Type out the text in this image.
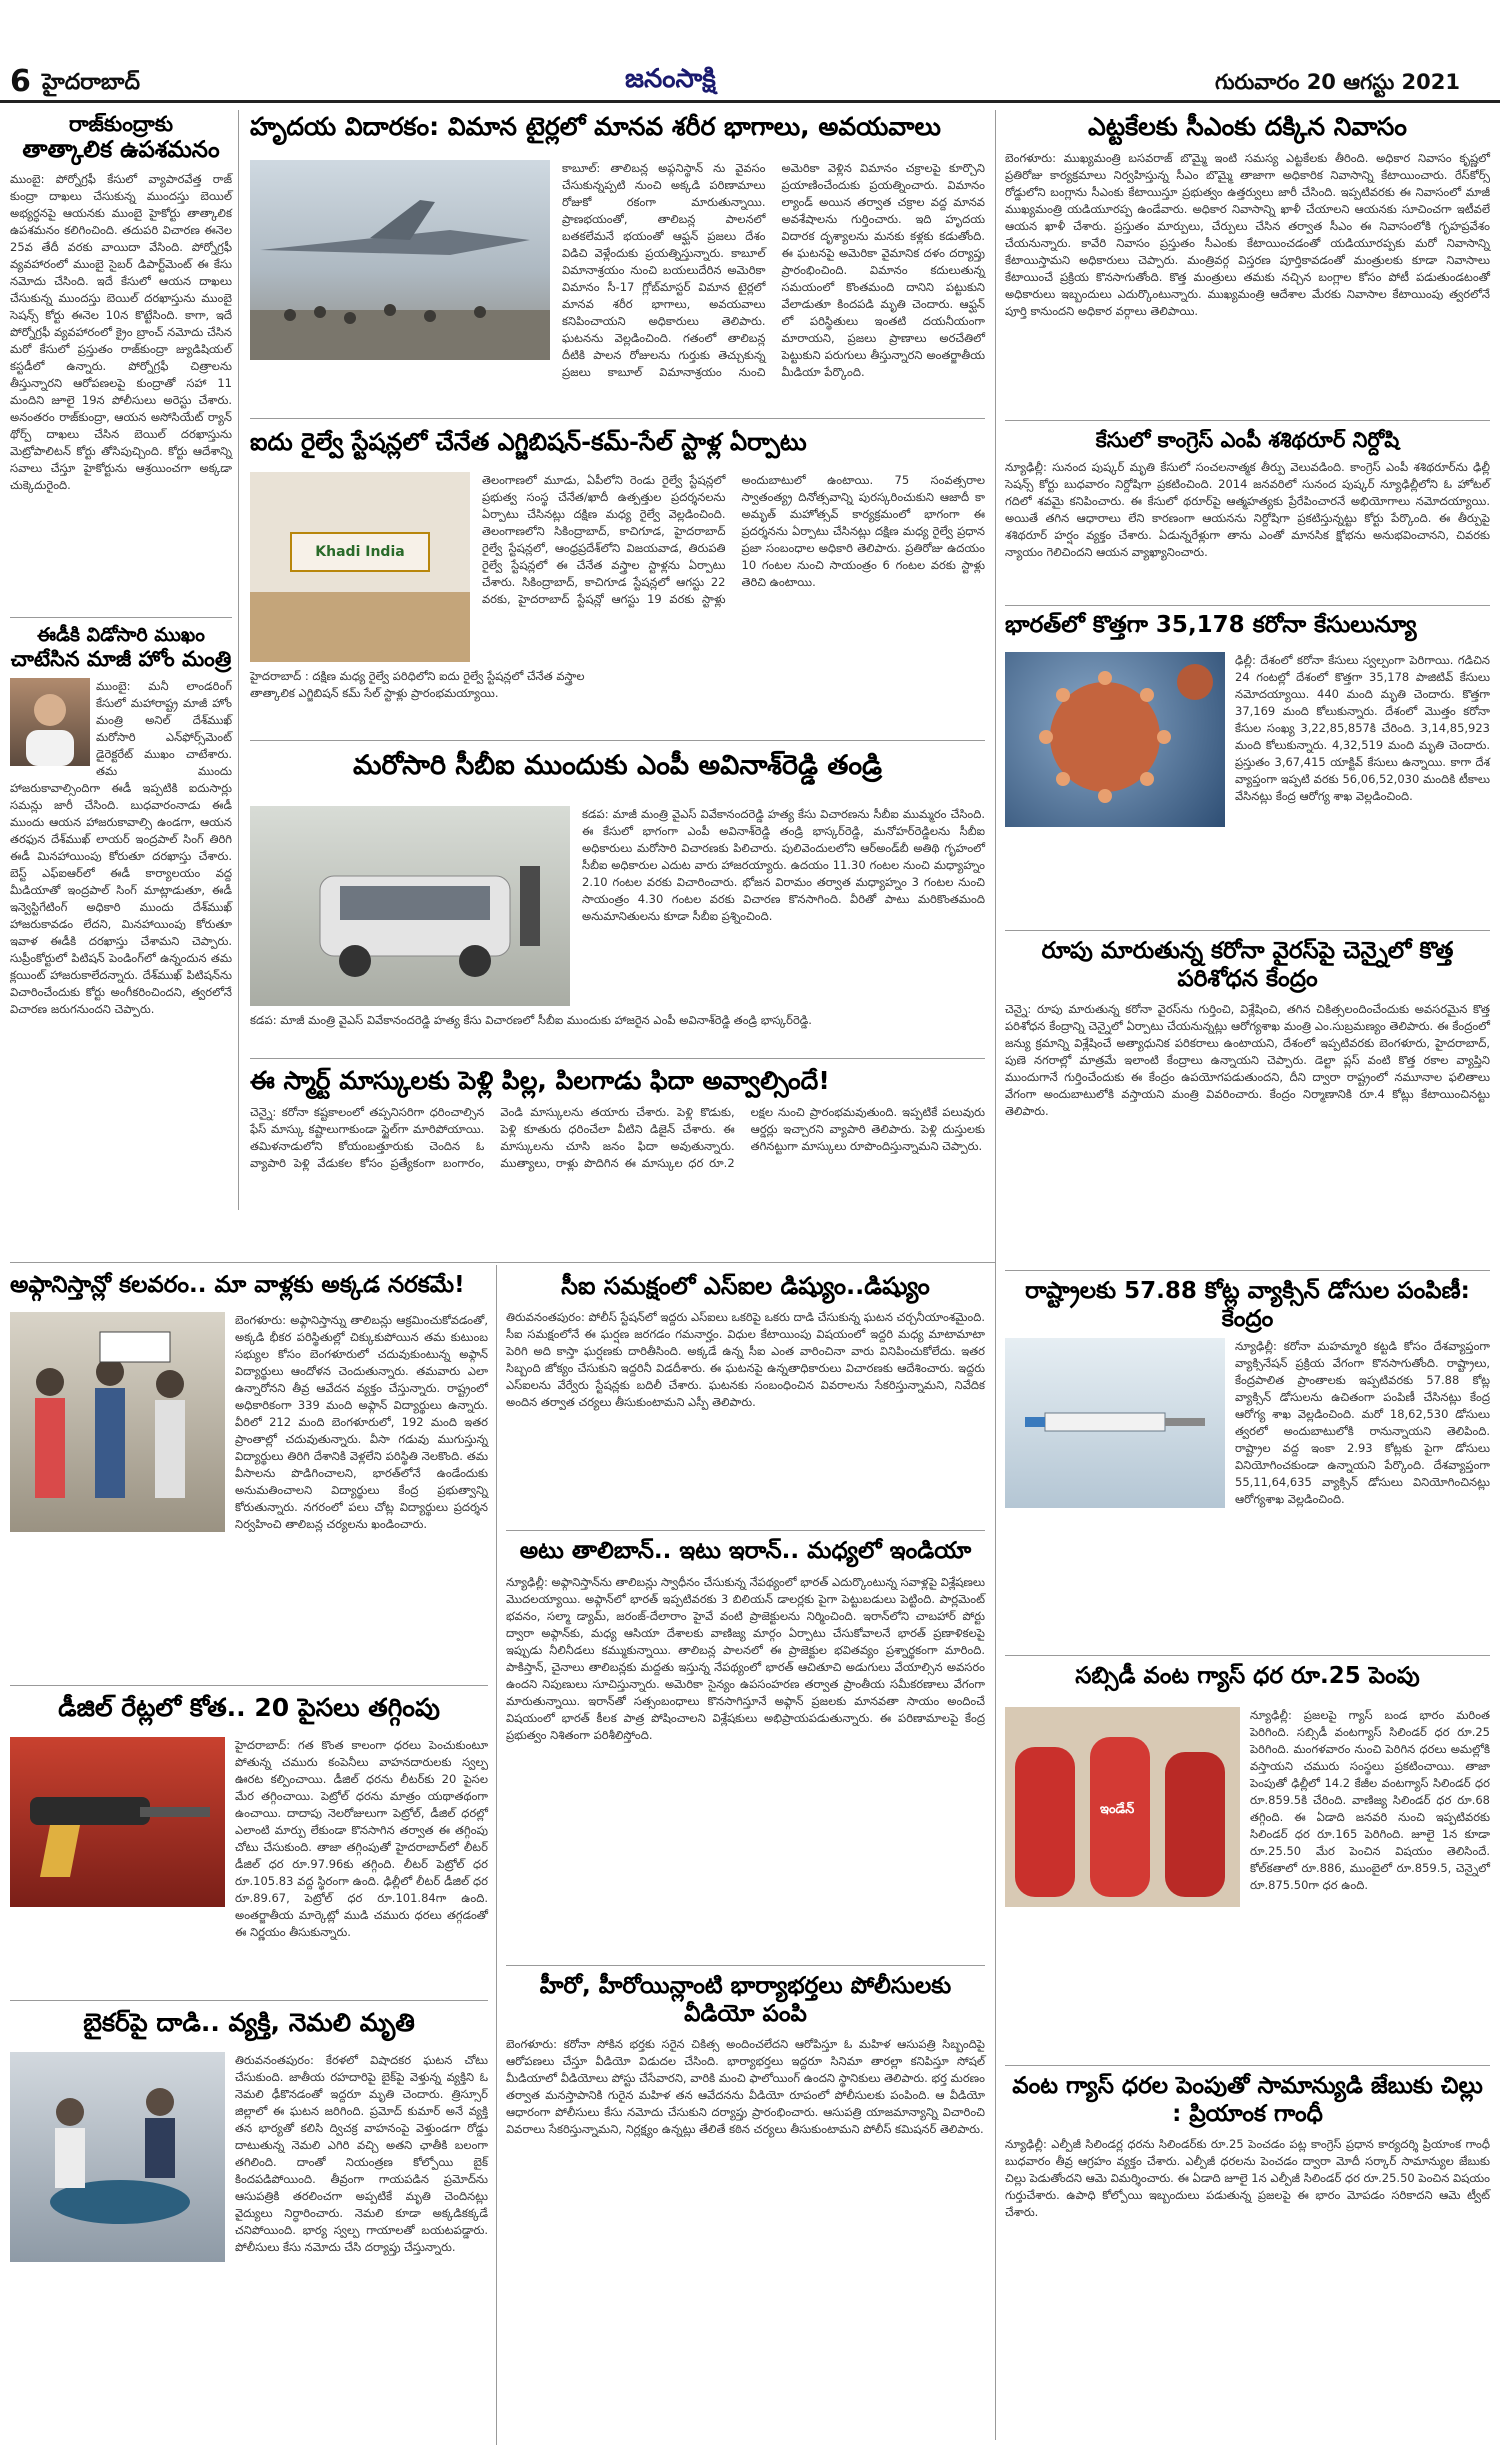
6 హైదరాబాద్	జనంసాక్షి	గురువారం 20 ఆగస్టు 2021
రాజ్‌కుంద్రాకు
తాత్కాలిక ఉపశమనం
ముంబై: పోర్నోగ్రఫీ కేసులో వ్యాపారవేత్త రాజ్ కుంద్రా దాఖలు చేసుకున్న ముందస్తు బెయిల్ అభ్యర్ధనపై ఆయనకు ముంబై హైకోర్టు తాత్కాలిక ఉపశమనం కలిగించింది. తదుపరి విచారణ ఈనెల 25వ తేదీ వరకు వాయిదా వేసింది. పోర్నోగ్రఫీ వ్యవహారంలో ముంబై సైబర్ డిపార్ట్‌మెంట్ ఈ కేసు నమోదు చేసింది. ఇదే కేసులో ఆయన దాఖలు చేసుకున్న ముందస్తు బెయిల్ దరఖాస్తును ముంబై సెషన్స్ కోర్టు ఈనెల 10న కొట్టేసింది. కాగా, ఇదే పోర్నోగ్రఫీ వ్యవహారంలో క్రైం బ్రాంచ్ నమోదు చేసిన మరో కేసులో ప్రస్తుతం రాజ్‌కుంద్రా జ్యుడిషియల్ కస్టడీలో ఉన్నారు. పోర్నోగ్రఫీ చిత్రాలను తీస్తున్నారని ఆరోపణలపై కుంద్రాతో సహా 11 మందిని జూలై 19న పోలీసులు అరెస్టు చేశారు. అనంతరం రాజ్‌కుంద్రా, ఆయన అసోసియేట్ ర్యాన్ థోర్ప్ దాఖలు చేసిన బెయిల్ దరఖాస్తును మెట్రోపాలిటన్ కోర్టు తోసిపుచ్చింది. కోర్టు ఆదేశాన్ని సవాలు చేస్తూ హైకోర్టును ఆశ్రయించగా అక్కడా చుక్కెదురైంది.
ఈడీకి విడోసారి ముఖం
చాటేసిన మాజీ హోం మంత్రి
ముంబై: మనీ లాండరింగ్ కేసులో మహారాష్ట్ర మాజీ హోం మంత్రి అనిల్ దేశ్‌ముఖ్ మరోసారి ఎన్‌ఫోర్స్‌మెంట్ డైరెక్టరేట్ ముఖం చాటేశారు. తమ ముందు హాజరుకావాల్సిందిగా ఈడీ ఇప్పటికి ఐదుసార్లు సమన్లు జారీ చేసింది. బుధవారంనాడు ఈడీ ముందు ఆయన హాజరుకావాల్సి ఉండగా, ఆయన తరఫున దేశ్‌ముఖ్ లాయర్ ఇంద్రపాల్ సింగ్ తిరిగి ఈడీ మినహాయింపు కోరుతూ దరఖాస్తు చేశారు. బెస్ట్ ఎఫ్ఐఆర్‌లో ఈడీ కార్యాలయం వద్ద మీడియాతో ఇంద్రపాల్ సింగ్ మాట్లాడుతూ, ఈడీ ఇన్వెస్టిగేటింగ్ అధికారి ముందు దేశ్‌ముఖ్ హాజరుకావడం లేదని, మినహాయింపు కోరుతూ ఇవాళ ఈడీకి దరఖాస్తు చేశామని చెప్పారు. సుప్రీంకోర్టులో పిటిషన్ పెండింగ్‌లో ఉన్నందున తమ క్లయింట్ హాజరుకాలేదన్నారు. దేశ్‌ముఖ్ పిటిషన్‌ను విచారించేందుకు కోర్టు అంగీకరించిందని, త్వరలోనే విచారణ జరుగనుందని చెప్పారు.
హృదయ విదారకం: విమాన టైర్లలో మానవ శరీర భాగాలు, అవయవాలు
కాబూల్: తాలిబన్ల అఫ్గనిస్థాన్ ను వైవసం చేసుకున్నప్పటి నుంచి అక్కడి పరిణామాలు రోజుకో రకంగా మారుతున్నాయి. ప్రాణభయంతో, తాలిబన్ల పాలనలో బతకలేమనే భయంతో ఆఫ్ఘన్ ప్రజలు దేశం విడిచి వెళ్లేందుకు ప్రయత్నిస్తున్నారు. కాబూల్ విమానాశ్రయం నుంచి బయలుదేరిన అమెరికా విమానం సీ-17 గ్లోబ్‌మాస్టర్ విమాన టైర్లలో మానవ శరీర భాగాలు, అవయవాలు కనిపించాయని అధికారులు తెలిపారు. ఘటనను వెల్లడించింది. గతంలో తాలిబన్ల దీటికి పాలన రోజులను గుర్తుకు తెచ్చుకున్న ప్రజలు కాబూల్ విమానాశ్రయం నుంచి అమెరికా వెళ్లిన విమానం చక్రాలపై కూర్చొని ప్రయాణించేందుకు ప్రయత్నించారు. విమానం ల్యాండ్ అయిన తర్వాత చక్రాల వద్ద మానవ అవశేషాలను గుర్తించారు. ఇది హృదయ విదారక దృశ్యాలను మనకు కళ్లకు కడుతోంది. ఈ ఘటనపై అమెరికా వైమానిక దళం దర్యాప్తు ప్రారంభించింది. విమానం కదులుతున్న సమయంలో కొంతమంది దానిని పట్టుకుని వేలాడుతూ కిందపడి మృతి చెందారు. ఆఫ్ఘన్ లో పరిస్థితులు ఇంతటి దయనీయంగా మారాయని, ప్రజలు ప్రాణాలు అరచేతిలో పెట్టుకుని పరుగులు తీస్తున్నారని అంతర్జాతీయ మీడియా పేర్కొంది.
ఐదు రైల్వే స్టేషన్లలో చేనేత ఎగ్జిబిషన్-కమ్-సేల్ స్టాళ్ల ఏర్పాటు
Khadi India
హైదరాబాద్ : దక్షిణ మధ్య రైల్వే పరిధిలోని ఐదు రైల్వే స్టేషన్లలో చేనేత వస్త్రాల తాత్కాలిక ఎగ్జిబిషన్ కమ్ సేల్ స్టాళ్లు ప్రారంభమయ్యాయి.
తెలంగాణలో మూడు, ఏపీలోని రెండు రైల్వే స్టేషన్లలో ప్రభుత్వ సంస్థ చేనేత/ఖాదీ ఉత్పత్తుల ప్రదర్శనలను ఏర్పాటు చేసినట్లు దక్షిణ మధ్య రైల్వే వెల్లడించింది. తెలంగాణలోని సికింద్రాబాద్, కాచిగూడ, హైదరాబాద్ రైల్వే స్టేషన్లలో, ఆంధ్రప్రదేశ్‌లోని విజయవాడ, తిరుపతి రైల్వే స్టేషన్లలో ఈ చేనేత వస్త్రాల స్టాళ్లను ఏర్పాటు చేశారు. సికింద్రాబాద్, కాచిగూడ స్టేషన్లలో ఆగస్టు 22 వరకు, హైదరాబాద్ స్టేషన్లో ఆగస్టు 19 వరకు స్టాళ్లు అందుబాటులో ఉంటాయి. 75 సంవత్సరాల స్వాతంత్య్ర దినోత్సవాన్ని పురస్కరించుకుని ఆజాదీ కా అమృత్ మహోత్సవ్ కార్యక్రమంలో భాగంగా ఈ ప్రదర్శనను ఏర్పాటు చేసినట్లు దక్షిణ మధ్య రైల్వే ప్రధాన ప్రజా సంబంధాల అధికారి తెలిపారు. ప్రతిరోజు ఉదయం 10 గంటల నుంచి సాయంత్రం 6 గంటల వరకు స్టాళ్లు తెరిచి ఉంటాయి.
మరోసారి సీబీఐ ముందుకు ఎంపీ అవినాశ్‌రెడ్డి తండ్రి
కడప: మాజీ మంత్రి వైఎస్ వివేకానందరెడ్డి హత్య కేసు విచారణలో సీబీఐ ముందుకు హాజరైన ఎంపీ అవినాశ్‌రెడ్డి తండ్రి భాస్కర్‌రెడ్డి.
కడప: మాజీ మంత్రి వైఎస్ వివేకానందరెడ్డి హత్య కేసు విచారణను సీబీఐ ముమ్మరం చేసింది. ఈ కేసులో భాగంగా ఎంపీ అవినాశ్‌రెడ్డి తండ్రి భాస్కర్‌రెడ్డి, మనోహర్‌రెడ్డిలను సీబీఐ అధికారులు మరోసారి విచారణకు పిలిచారు. పులివెందులలోని ఆర్అండ్‌బీ అతిథి గృహంలో సీబీఐ అధికారుల ఎదుట వారు హాజరయ్యారు. ఉదయం 11.30 గంటల నుంచి మధ్యాహ్నం 2.10 గంటల వరకు విచారించారు. భోజన విరామం తర్వాత మధ్యాహ్నం 3 గంటల నుంచి సాయంత్రం 4.30 గంటల వరకు విచారణ కొనసాగింది. వీరితో పాటు మరికొంతమంది అనుమానితులను కూడా సీబీఐ ప్రశ్నించింది.
ఈ స్మార్ట్ మాస్కులకు పెళ్లి పిల్ల, పిలగాడు ఫిదా అవ్వాల్సిందే!
చెన్నై: కరోనా కష్టకాలంలో తప్పనిసరిగా ధరించాల్సిన ఫేస్ మాస్కు కష్టాలుగాకుండా స్టైల్‌గా మారిపోయాయి. తమిళనాడులోని కోయంబత్తూరుకు చెందిన ఓ వ్యాపారి పెళ్లి వేడుకల కోసం ప్రత్యేకంగా బంగారం, వెండి మాస్కులను తయారు చేశారు. పెళ్లి కొడుకు, పెళ్లి కూతురు ధరించేలా వీటిని డిజైన్ చేశారు. ఈ మాస్కులను చూసి జనం ఫిదా అవుతున్నారు. ముత్యాలు, రాళ్లు పొదిగిన ఈ మాస్కుల ధర రూ.2 లక్షల నుంచి ప్రారంభమవుతుంది. ఇప్పటికే పలువురు ఆర్డర్లు ఇచ్చారని వ్యాపారి తెలిపారు. పెళ్లి దుస్తులకు తగినట్టుగా మాస్కులు రూపొందిస్తున్నామని చెప్పారు.
ఎట్టకేలకు సీఎంకు దక్కిన నివాసం
బెంగళూరు: ముఖ్యమంత్రి బసవరాజ్ బొమ్మై ఇంటి సమస్య ఎట్టకేలకు తీరింది. అధికార నివాసం కృష్ణలో ప్రతిరోజు కార్యక్రమాలు నిర్వహిస్తున్న సీఎం బొమ్మై తాజాగా అధికారిక నివాసాన్ని కేటాయించారు. రేస్‌కోర్స్ రోడ్డులోని బంగ్లాను సీఎంకు కేటాయిస్తూ ప్రభుత్వం ఉత్తర్వులు జారీ చేసింది. ఇప్పటివరకు ఈ నివాసంలో మాజీ ముఖ్యమంత్రి యడియూరప్ప ఉండేవారు. అధికార నివాసాన్ని ఖాళీ చేయాలని ఆయనకు సూచించగా ఇటీవలే ఆయన ఖాళీ చేశారు. ప్రస్తుతం మార్పులు, చేర్పులు చేసిన తర్వాత సీఎం ఈ నివాసంలోకి గృహప్రవేశం చేయనున్నారు. కావేరి నివాసం ప్రస్తుతం సీఎంకు కేటాయించడంతో యడియూరప్పకు మరో నివాసాన్ని కేటాయిస్తామని అధికారులు చెప్పారు. మంత్రివర్గ విస్తరణ పూర్తికావడంతో మంత్రులకు కూడా నివాసాలు కేటాయించే ప్రక్రియ కొనసాగుతోంది. కొత్త మంత్రులు తమకు నచ్చిన బంగ్లాల కోసం పోటీ పడుతుండటంతో అధికారులు ఇబ్బందులు ఎదుర్కొంటున్నారు. ముఖ్యమంత్రి ఆదేశాల మేరకు నివాసాల కేటాయింపు త్వరలోనే పూర్తి కానుందని అధికార వర్గాలు తెలిపాయి.
కేసులో కాంగ్రెస్ ఎంపీ శశిథరూర్ నిర్దోషి
న్యూఢిల్లీ: సునంద పుష్కర్ మృతి కేసులో సంచలనాత్మక తీర్పు వెలువడింది. కాంగ్రెస్ ఎంపీ శశిథరూర్‌ను ఢిల్లీ సెషన్స్ కోర్టు బుధవారం నిర్దోషిగా ప్రకటించింది. 2014 జనవరిలో సునంద పుష్కర్ న్యూఢిల్లీలోని ఓ హోటల్ గదిలో శవమై కనిపించారు. ఈ కేసులో థరూర్‌పై ఆత్మహత్యకు ప్రేరేపించారనే అభియోగాలు నమోదయ్యాయి. అయితే తగిన ఆధారాలు లేని కారణంగా ఆయనను నిర్దోషిగా ప్రకటిస్తున్నట్టు కోర్టు పేర్కొంది. ఈ తీర్పుపై శశిథరూర్ హర్షం వ్యక్తం చేశారు. ఏడున్నరేళ్లుగా తాను ఎంతో మానసిక క్షోభను అనుభవించానని, చివరకు న్యాయం గెలిచిందని ఆయన వ్యాఖ్యానించారు.
భారత్‌లో కొత్తగా 35,178 కరోనా కేసులున్యూ
ఢిల్లీ: దేశంలో కరోనా కేసులు స్వల్పంగా పెరిగాయి. గడిచిన 24 గంటల్లో దేశంలో కొత్తగా 35,178 పాజిటివ్ కేసులు నమోదయ్యాయి. 440 మంది మృతి చెందారు. కొత్తగా 37,169 మంది కోలుకున్నారు. దేశంలో మొత్తం కరోనా కేసుల సంఖ్య 3,22,85,857కి చేరింది. 3,14,85,923 మంది కోలుకున్నారు. 4,32,519 మంది మృతి చెందారు. ప్రస్తుతం 3,67,415 యాక్టివ్ కేసులు ఉన్నాయి. కాగా దేశ వ్యాప్తంగా ఇప్పటి వరకు 56,06,52,030 మందికి టీకాలు వేసినట్లు కేంద్ర ఆరోగ్య శాఖ వెల్లడించింది.
రూపు మారుతున్న కరోనా వైరస్‌పై చెన్నైలో కొత్త పరిశోధన కేంద్రం
చెన్నై: రూపు మారుతున్న కరోనా వైరస్‌ను గుర్తించి, విశ్లేషించి, తగిన చికిత్సలందించేందుకు అవసరమైన కొత్త పరిశోధన కేంద్రాన్ని చెన్నైలో ఏర్పాటు చేయనున్నట్లు ఆరోగ్యశాఖ మంత్రి ఎం.సుబ్రమణ్యం తెలిపారు. ఈ కేంద్రంలో జన్యు క్రమాన్ని విశ్లేషించే అత్యాధునిక పరికరాలు ఉంటాయని, దేశంలో ఇప్పటివరకు బెంగళూరు, హైదరాబాద్, పుణె నగరాల్లో మాత్రమే ఇలాంటి కేంద్రాలు ఉన్నాయని చెప్పారు. డెల్టా ప్లస్ వంటి కొత్త రకాల వ్యాప్తిని ముందుగానే గుర్తించేందుకు ఈ కేంద్రం ఉపయోగపడుతుందని, దీని ద్వారా రాష్ట్రంలో నమూనాల ఫలితాలు వేగంగా అందుబాటులోకి వస్తాయని మంత్రి వివరించారు. కేంద్రం నిర్మాణానికి రూ.4 కోట్లు కేటాయించినట్టు తెలిపారు.
అఫ్గానిస్తాన్లో కలవరం.. మా వాళ్లకు అక్కడ నరకమే!
బెంగళూరు: అఫ్గానిస్తాన్ను తాలిబన్లు ఆక్రమించుకోవడంతో, అక్కడి భీకర పరిస్థితుల్లో చిక్కుకుపోయిన తమ కుటుంబ సభ్యుల కోసం బెంగళూరులో చదువుకుంటున్న అఫ్గాన్ విద్యార్థులు ఆందోళన చెందుతున్నారు. తమవారు ఎలా ఉన్నారోనని తీవ్ర ఆవేదన వ్యక్తం చేస్తున్నారు. రాష్ట్రంలో అధికారికంగా 339 మంది అఫ్గాన్ విద్యార్థులు ఉన్నారు. వీరిలో 212 మంది బెంగళూరులో, 192 మంది ఇతర ప్రాంతాల్లో చదువుతున్నారు. వీసా గడువు ముగుస్తున్న విద్యార్థులు తిరిగి దేశానికి వెళ్లలేని పరిస్థితి నెలకొంది. తమ వీసాలను పొడిగించాలని, భారత్‌లోనే ఉండేందుకు అనుమతించాలని విద్యార్థులు కేంద్ర ప్రభుత్వాన్ని కోరుతున్నారు. నగరంలో పలు చోట్ల విద్యార్థులు ప్రదర్శన నిర్వహించి తాలిబన్ల చర్యలను ఖండించారు.
డీజిల్ రేట్లలో కోత.. 20 పైసలు తగ్గింపు
హైదరాబాద్: గత కొంత కాలంగా ధరలు పెంచుకుంటూ పోతున్న చమురు కంపెనీలు వాహనదారులకు స్వల్ప ఊరట కల్పించాయి. డీజిల్ ధరను లీటర్‌కు 20 పైసల మేర తగ్గించాయి. పెట్రోల్ ధరను మాత్రం యథాతథంగా ఉంచాయి. దాదాపు నెలరోజులుగా పెట్రోల్, డీజిల్ ధరల్లో ఎలాంటి మార్పు లేకుండా కొనసాగిన తర్వాత ఈ తగ్గింపు చోటు చేసుకుంది. తాజా తగ్గింపుతో హైదరాబాద్‌లో లీటర్ డీజిల్ ధర రూ.97.96కు తగ్గింది. లీటర్ పెట్రోల్ ధర రూ.105.83 వద్ద స్థిరంగా ఉంది. ఢిల్లీలో లీటర్ డీజిల్ ధర రూ.89.67, పెట్రోల్ ధర రూ.101.84గా ఉంది. అంతర్జాతీయ మార్కెట్లో ముడి చమురు ధరలు తగ్గడంతో ఈ నిర్ణయం తీసుకున్నారు.
బైకర్‌పై దాడి.. వ్యక్తి, నెమలి మృతి
తిరువనంతపురం: కేరళలో విషాదకర ఘటన చోటు చేసుకుంది. జాతీయ రహదారిపై బైక్‌పై వెళ్తున్న వ్యక్తిని ఓ నెమలి ఢీకొనడంతో ఇద్దరూ మృతి చెందారు. త్రిస్సూర్ జిల్లాలో ఈ ఘటన జరిగింది. ప్రమోద్ కుమార్ అనే వ్యక్తి తన భార్యతో కలిసి ద్విచక్ర వాహనంపై వెళ్తుండగా రోడ్డు దాటుతున్న నెమలి ఎగిరి వచ్చి అతని ఛాతీకి బలంగా తగిలింది. దాంతో నియంత్రణ కోల్పోయి బైక్ కిందపడిపోయింది. తీవ్రంగా గాయపడిన ప్రమోద్‌ను ఆసుపత్రికి తరలించగా అప్పటికే మృతి చెందినట్లు వైద్యులు నిర్ధారించారు. నెమలి కూడా అక్కడికక్కడే చనిపోయింది. భార్య స్వల్ప గాయాలతో బయటపడ్డారు. పోలీసులు కేసు నమోదు చేసి దర్యాప్తు చేస్తున్నారు.
సీఐ సమక్షంలో ఎస్ఐల డిష్యుం..డిష్యుం
తిరువనంతపురం: పోలీస్ స్టేషన్‌లో ఇద్దరు ఎస్ఐలు ఒకరిపై ఒకరు దాడి చేసుకున్న ఘటన చర్చనీయాంశమైంది. సీఐ సమక్షంలోనే ఈ ఘర్షణ జరగడం గమనార్హం. విధుల కేటాయింపు విషయంలో ఇద్దరి మధ్య మాటామాటా పెరిగి అది కాస్తా ఘర్షణకు దారితీసింది. అక్కడే ఉన్న సీఐ ఎంత వారించినా వారు వినిపించుకోలేదు. ఇతర సిబ్బంది జోక్యం చేసుకుని ఇద్దరినీ విడదీశారు. ఈ ఘటనపై ఉన్నతాధికారులు విచారణకు ఆదేశించారు. ఇద్దరు ఎస్ఐలను వేర్వేరు స్టేషన్లకు బదిలీ చేశారు. ఘటనకు సంబంధించిన వివరాలను సేకరిస్తున్నామని, నివేదిక అందిన తర్వాత చర్యలు తీసుకుంటామని ఎస్పీ తెలిపారు.
అటు తాలిబాన్.. ఇటు ఇరాన్.. మధ్యలో ఇండియా
న్యూఢిల్లీ: అఫ్గానిస్తాన్‌ను తాలిబన్లు స్వాధీనం చేసుకున్న నేపథ్యంలో భారత్ ఎదుర్కొంటున్న సవాళ్లపై విశ్లేషణలు మొదలయ్యాయి. అఫ్గాన్‌లో భారత్ ఇప్పటివరకు 3 బిలియన్ డాలర్లకు పైగా పెట్టుబడులు పెట్టింది. పార్లమెంట్ భవనం, సల్మా డ్యామ్, జరంజ్-దేలారాం హైవే వంటి ప్రాజెక్టులను నిర్మించింది. ఇరాన్‌లోని చాబహార్ పోర్టు ద్వారా అఫ్గాన్‌కు, మధ్య ఆసియా దేశాలకు వాణిజ్య మార్గం ఏర్పాటు చేసుకోవాలనే భారత్ ప్రణాళికలపై ఇప్పుడు నీలినీడలు కమ్ముకున్నాయి. తాలిబన్ల పాలనలో ఈ ప్రాజెక్టుల భవితవ్యం ప్రశ్నార్థకంగా మారింది. పాకిస్తాన్, చైనాలు తాలిబన్లకు మద్దతు ఇస్తున్న నేపథ్యంలో భారత్ ఆచితూచి అడుగులు వేయాల్సిన అవసరం ఉందని నిపుణులు సూచిస్తున్నారు. అమెరికా సైన్యం ఉపసంహరణ తర్వాత ప్రాంతీయ సమీకరణాలు వేగంగా మారుతున్నాయి. ఇరాన్‌తో సత్సంబంధాలు కొనసాగిస్తూనే అఫ్గాన్ ప్రజలకు మానవతా సాయం అందించే విషయంలో భారత్ కీలక పాత్ర పోషించాలని విశ్లేషకులు అభిప్రాయపడుతున్నారు. ఈ పరిణామాలపై కేంద్ర ప్రభుత్వం నిశితంగా పరిశీలిస్తోంది.
హీరో, హీరోయిన్లాంటి భార్యాభర్తలు పోలీసులకు వీడియో పంపి
బెంగళూరు: కరోనా సోకిన భర్తకు సరైన చికిత్స అందించలేదని ఆరోపిస్తూ ఓ మహిళ ఆసుపత్రి సిబ్బందిపై ఆరోపణలు చేస్తూ వీడియో విడుదల చేసింది. భార్యాభర్తలు ఇద్దరూ సినిమా తారల్లా కనిపిస్తూ సోషల్ మీడియాలో వీడియోలు పోస్టు చేసేవారని, వారికి మంచి ఫాలోయింగ్ ఉందని స్థానికులు తెలిపారు. భర్త మరణం తర్వాత మనస్తాపానికి గురైన మహిళ తన ఆవేదనను వీడియో రూపంలో పోలీసులకు పంపింది. ఆ వీడియో ఆధారంగా పోలీసులు కేసు నమోదు చేసుకుని దర్యాప్తు ప్రారంభించారు. ఆసుపత్రి యాజమాన్యాన్ని విచారించి వివరాలు సేకరిస్తున్నామని, నిర్లక్ష్యం ఉన్నట్లు తేలితే కఠిన చర్యలు తీసుకుంటామని పోలీస్ కమిషనర్ తెలిపారు.
రాష్ట్రాలకు 57.88 కోట్ల వ్యాక్సిన్ డోసుల పంపిణీ: కేంద్రం
న్యూఢిల్లీ: కరోనా మహమ్మారి కట్టడి కోసం దేశవ్యాప్తంగా వ్యాక్సినేషన్ ప్రక్రియ వేగంగా కొనసాగుతోంది. రాష్ట్రాలు, కేంద్రపాలిత ప్రాంతాలకు ఇప్పటివరకు 57.88 కోట్ల వ్యాక్సిన్ డోసులను ఉచితంగా పంపిణీ చేసినట్లు కేంద్ర ఆరోగ్య శాఖ వెల్లడించింది. మరో 18,62,530 డోసులు త్వరలో అందుబాటులోకి రానున్నాయని తెలిపింది. రాష్ట్రాల వద్ద ఇంకా 2.93 కోట్లకు పైగా డోసులు వినియోగించకుండా ఉన్నాయని పేర్కొంది. దేశవ్యాప్తంగా 55,11,64,635 వ్యాక్సిన్ డోసులు వినియోగించినట్లు ఆరోగ్యశాఖ వెల్లడించింది.
సబ్సిడీ వంట గ్యాస్ ధర రూ.25 పెంపు
ఇండేన్
న్యూఢిల్లీ: ప్రజలపై గ్యాస్ బండ భారం మరింత పెరిగింది. సబ్సిడీ వంటగ్యాస్ సిలిండర్ ధర రూ.25 పెరిగింది. మంగళవారం నుంచి పెరిగిన ధరలు అమల్లోకి వస్తాయని చమురు సంస్థలు ప్రకటించాయి. తాజా పెంపుతో ఢిల్లీలో 14.2 కేజీల వంటగ్యాస్ సిలిండర్ ధర రూ.859.5కి చేరింది. వాణిజ్య సిలిండర్ ధర రూ.68 తగ్గింది. ఈ ఏడాది జనవరి నుంచి ఇప్పటివరకు సిలిండర్ ధర రూ.165 పెరిగింది. జూలై 1న కూడా రూ.25.50 మేర పెంచిన విషయం తెలిసిందే. కోల్‌కతాలో రూ.886, ముంబైలో రూ.859.5, చెన్నైలో రూ.875.50గా ధర ఉంది.
వంట గ్యాస్ ధరల పెంపుతో సామాన్యుడి జేబుకు చిల్లు : ప్రియాంక గాంధీ
న్యూఢిల్లీ: ఎల్పీజీ సిలిండర్ల ధరను సిలిండర్‌కు రూ.25 పెంచడం పట్ల కాంగ్రెస్ ప్రధాన కార్యదర్శి ప్రియాంక గాంధీ బుధవారం తీవ్ర ఆగ్రహం వ్యక్తం చేశారు. ఎల్పీజీ ధరలను పెంచడం ద్వారా మోదీ సర్కార్ సామాన్యుల జేబుకు చిల్లు పెడుతోందని ఆమె విమర్శించారు. ఈ ఏడాది జూలై 1న ఎల్పీజీ సిలిండర్ ధర రూ.25.50 పెంచిన విషయం గుర్తుచేశారు. ఉపాధి కోల్పోయి ఇబ్బందులు పడుతున్న ప్రజలపై ఈ భారం మోపడం సరికాదని ఆమె ట్వీట్ చేశారు.
